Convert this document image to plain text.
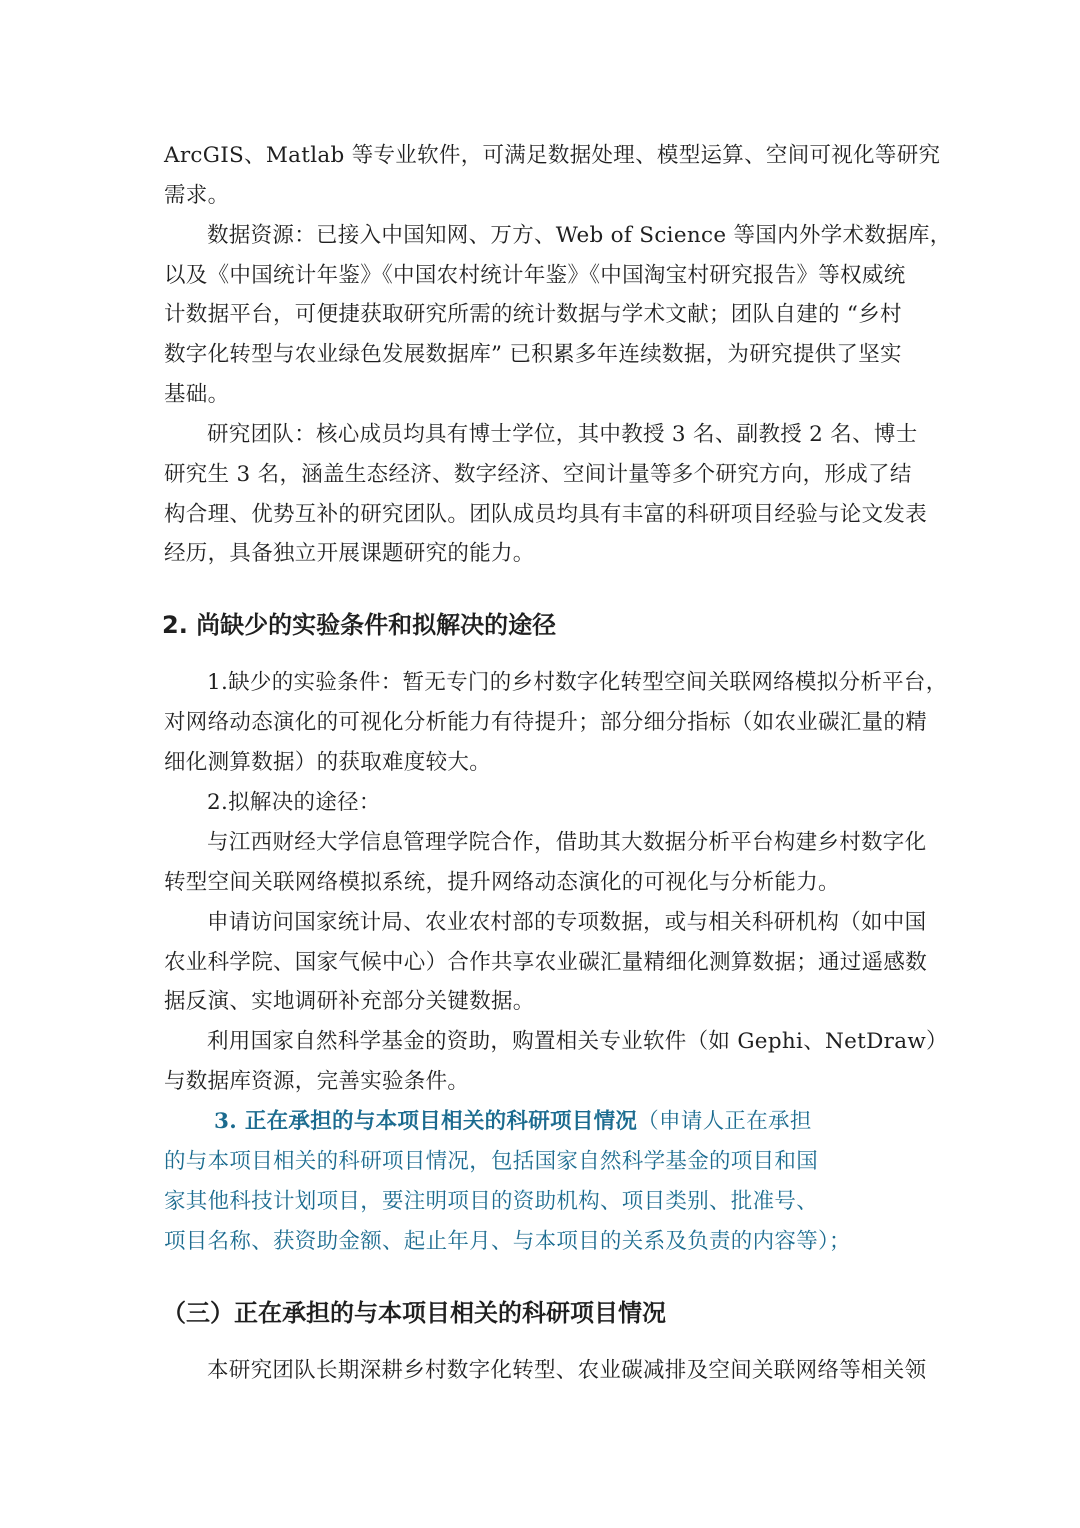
ArcGIS、Matlab 等专业软件，可满足数据处理、模型运算、空间可视化等研究
需求。
数据资源：已接入中国知网、万方、Web of Science 等国内外学术数据库，
以及《中国统计年鉴》《中国农村统计年鉴》《中国淘宝村研究报告》等权威统
计数据平台，可便捷获取研究所需的统计数据与学术文献；团队自建的 “乡村
数字化转型与农业绿色发展数据库” 已积累多年连续数据，为研究提供了坚实
基础。
研究团队：核心成员均具有博士学位，其中教授 3 名、副教授 2 名、博士
研究生 3 名，涵盖生态经济、数字经济、空间计量等多个研究方向，形成了结
构合理、优势互补的研究团队。团队成员均具有丰富的科研项目经验与论文发表
经历，具备独立开展课题研究的能力。
2. 尚缺少的实验条件和拟解决的途径
1.缺少的实验条件：暂无专门的乡村数字化转型空间关联网络模拟分析平台，
对网络动态演化的可视化分析能力有待提升；部分细分指标（如农业碳汇量的精
细化测算数据）的获取难度较大。
2.拟解决的途径：
与江西财经大学信息管理学院合作，借助其大数据分析平台构建乡村数字化
转型空间关联网络模拟系统，提升网络动态演化的可视化与分析能力。
申请访问国家统计局、农业农村部的专项数据，或与相关科研机构（如中国
农业科学院、国家气候中心）合作共享农业碳汇量精细化测算数据；通过遥感数
据反演、实地调研补充部分关键数据。
利用国家自然科学基金的资助，购置相关专业软件（如 Gephi、NetDraw）
与数据库资源，完善实验条件。
3. 正在承担的与本项目相关的科研项目情况（申请人正在承担
的与本项目相关的科研项目情况，包括国家自然科学基金的项目和国
家其他科技计划项目，要注明项目的资助机构、项目类别、批准号、
项目名称、获资助金额、起止年月、与本项目的关系及负责的内容等）；
（三）正在承担的与本项目相关的科研项目情况
本研究团队长期深耕乡村数字化转型、农业碳减排及空间关联网络等相关领
